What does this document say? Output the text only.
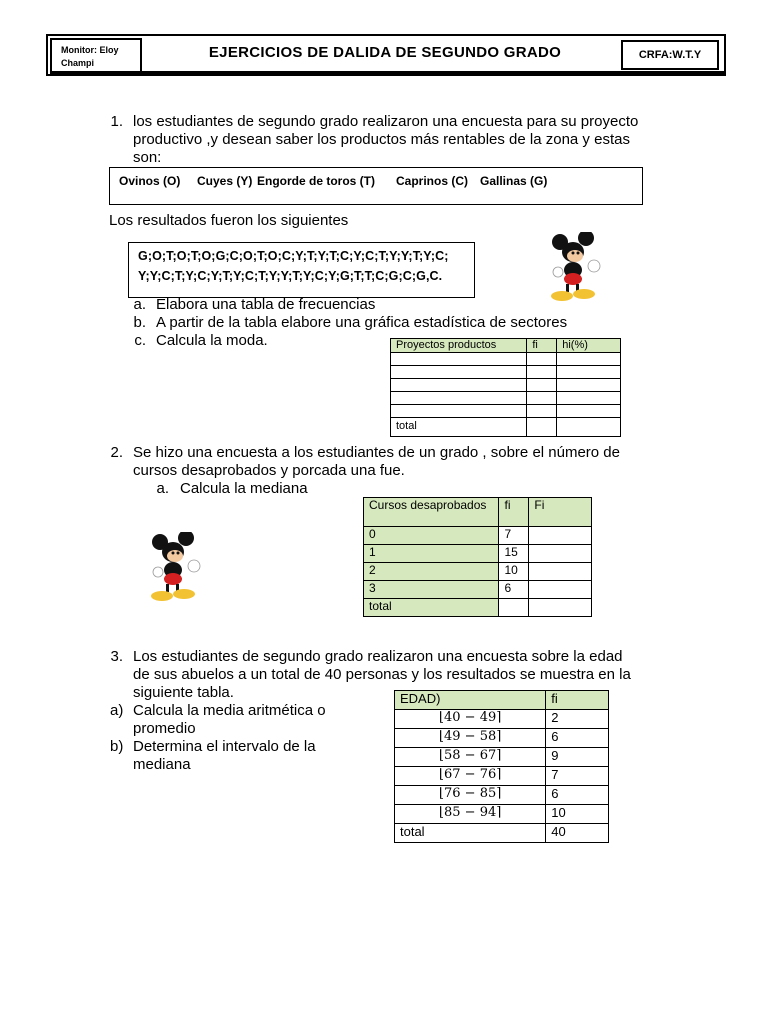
Monitor: Eloy
Champi
EJERCICIOS DE DALIDA DE SEGUNDO GRADO	CRFA:W.T.Y
1. los estudiantes de segundo grado realizaron una encuesta para su proyecto
productivo ,y desean saber los productos más rentables de la zona y estas
son:
Ovinos (O) Cuyes (Y) Engorde de toros (T) Caprinos (C) Gallinas (G)
Los resultados fueron los siguientes
G;O;T;O;T;O;G;C;O;T;O;C;Y;T;Y;T;C;Y;C;T;Y;Y;T;Y;C;
Y;Y;C;T;Y;C;Y;T;Y;C;T;Y;Y;T;Y;C;Y;G;T;T;C;G;C;G,C.
a. Elabora una tabla de frecuencias
b. A partir de la tabla elabore una gráfica estadística de sectores
c. Calcula la moda.	Proyectos productos	fi	hi(%)

total		
2. Se hizo una encuesta a los estudiantes de un grado , sobre el número de
cursos desaprobados y porcada una fue.
a. Calcula la mediana
Cursos desaprobados	fi	Fi
0	7	
1	15	
2	10	
3	6	
total		
3. Los estudiantes de segundo grado realizaron una encuesta sobre la edad
de sus abuelos a un total de 40 personas y los resultados se muestra en la
siguiente tabla.
a) Calcula la media aritmética o
promedio
b) Determina el intervalo de la
mediana
EDAD)	fi
⌊40 − 49⌉	2
⌊49 − 58⌉	6
⌊58 − 67⌉	9
⌊67 − 76⌉	7
⌊76 − 85⌉	6
⌊85 − 94⌉	10
total	40
